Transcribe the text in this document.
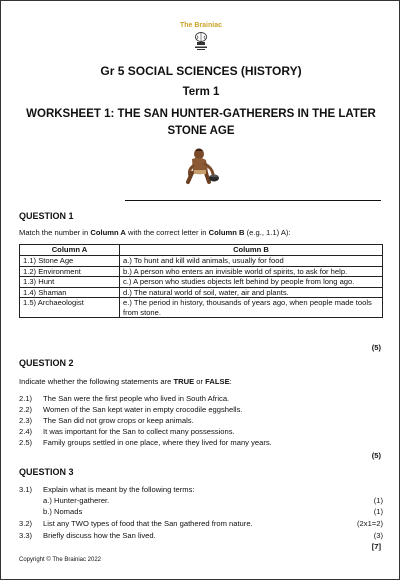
The Brainiac
Gr 5 SOCIAL SCIENCES (HISTORY)
Term 1
WORKSHEET 1: THE SAN HUNTER-GATHERERS IN THE LATER STONE AGE
QUESTION 1
Match the number in Column A with the correct letter in Column B (e.g., 1.1) A):
Column A	Column B
1.1) Stone Age	a.) To hunt and kill wild animals, usually for food
1.2) Environment	b.) A person who enters an invisible world of spirits, to ask for help.
1.3) Hunt	c.) A person who studies objects left behind by people from long ago.
1.4) Shaman	d.) The natural world of soil, water, air and plants.
1.5) Archaeologist	e.) The period in history, thousands of years ago, when people made tools from stone.
(5)
QUESTION 2
Indicate whether the following statements are TRUE or FALSE:
2.1) The San were the first people who lived in South Africa.
2.2) Women of the San kept water in empty crocodile eggshells.
2.3) The San did not grow crops or keep animals.
2.4) It was important for the San to collect many possessions.
2.5) Family groups settled in one place, where they lived for many years.
(5)
QUESTION 3
3.1) Explain what is meant by the following terms:
a.) Hunter-gatherer.	(1)
b.) Nomads	(1)
3.2) List any TWO types of food that the San gathered from nature.	(2x1=2)
3.3) Briefly discuss how the San lived.	(3)
[7]
Copyright © The Brainiac 2022
